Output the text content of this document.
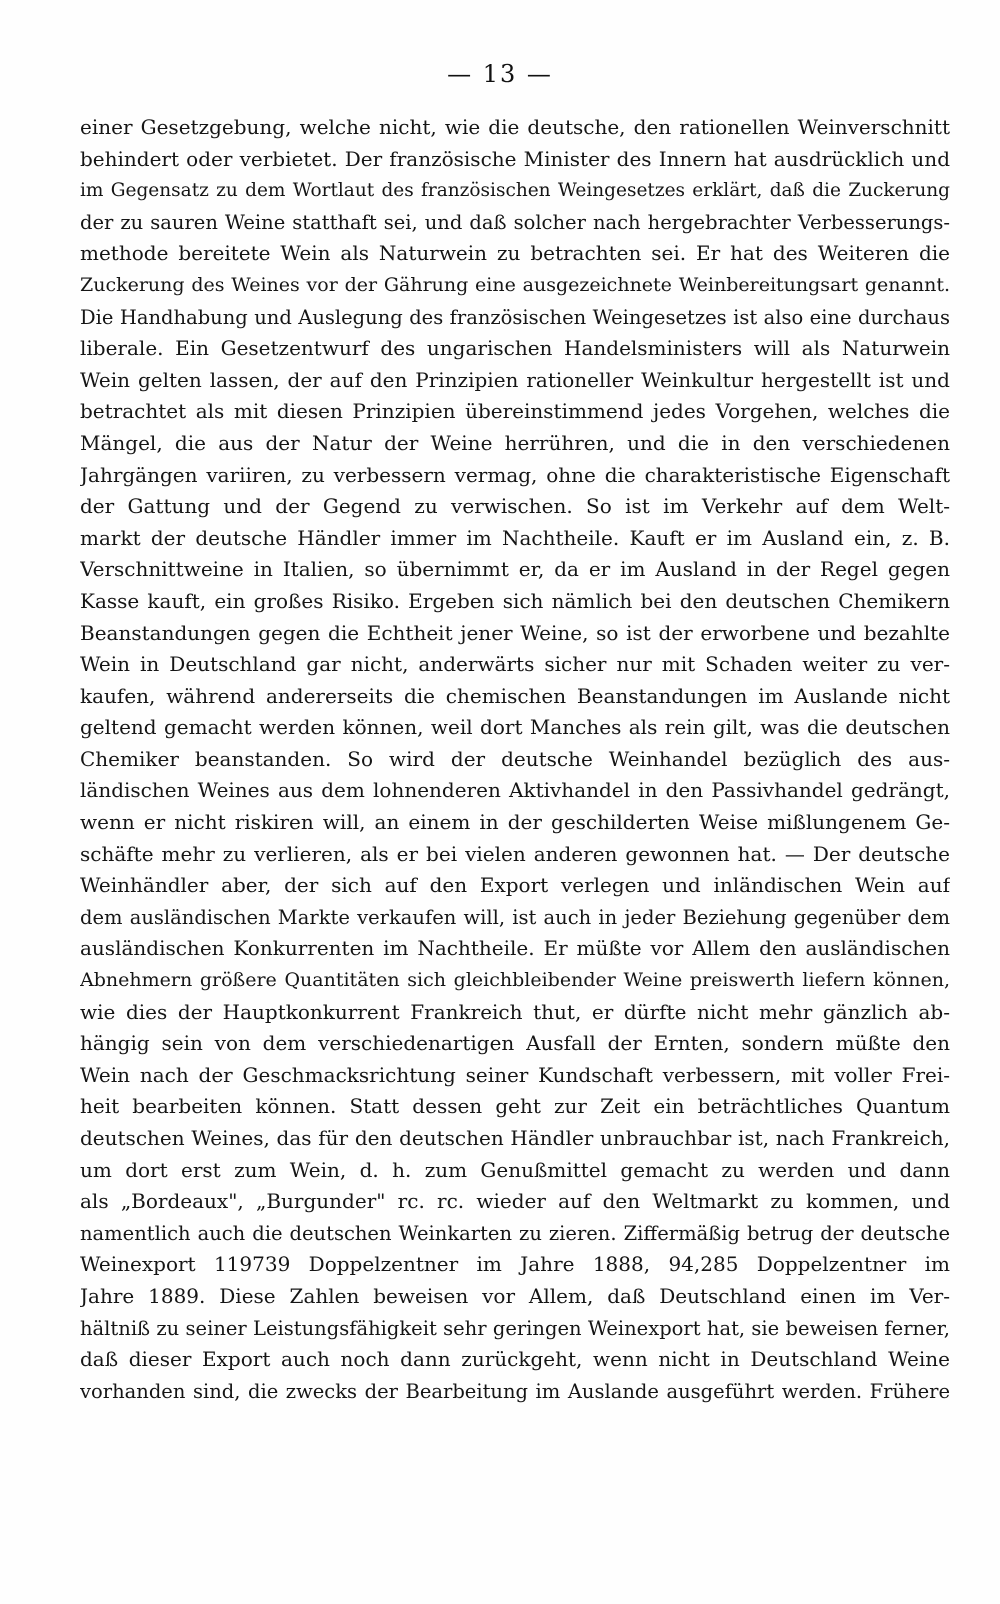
— 13 —
einer Gesetzgebung, welche nicht, wie die deutsche, den rationellen Weinverschnitt
behindert oder verbietet. Der französische Minister des Innern hat ausdrücklich und
im Gegensatz zu dem Wortlaut des französischen Weingesetzes erklärt, daß die Zuckerung
der zu sauren Weine statthaft sei, und daß solcher nach hergebrachter Verbesserungs-
methode bereitete Wein als Naturwein zu betrachten sei. Er hat des Weiteren die
Zuckerung des Weines vor der Gährung eine ausgezeichnete Weinbereitungsart genannt.
Die Handhabung und Auslegung des französischen Weingesetzes ist also eine durchaus
liberale. Ein Gesetzentwurf des ungarischen Handelsministers will als Naturwein
Wein gelten lassen, der auf den Prinzipien rationeller Weinkultur hergestellt ist und
betrachtet als mit diesen Prinzipien übereinstimmend jedes Vorgehen, welches die
Mängel, die aus der Natur der Weine herrühren, und die in den verschiedenen
Jahrgängen variiren, zu verbessern vermag, ohne die charakteristische Eigenschaft
der Gattung und der Gegend zu verwischen. So ist im Verkehr auf dem Welt-
markt der deutsche Händler immer im Nachtheile. Kauft er im Ausland ein, z. B.
Verschnittweine in Italien, so übernimmt er, da er im Ausland in der Regel gegen
Kasse kauft, ein großes Risiko. Ergeben sich nämlich bei den deutschen Chemikern
Beanstandungen gegen die Echtheit jener Weine, so ist der erworbene und bezahlte
Wein in Deutschland gar nicht, anderwärts sicher nur mit Schaden weiter zu ver-
kaufen, während andererseits die chemischen Beanstandungen im Auslande nicht
geltend gemacht werden können, weil dort Manches als rein gilt, was die deutschen
Chemiker beanstanden. So wird der deutsche Weinhandel bezüglich des aus-
ländischen Weines aus dem lohnenderen Aktivhandel in den Passivhandel gedrängt,
wenn er nicht riskiren will, an einem in der geschilderten Weise mißlungenem Ge-
schäfte mehr zu verlieren, als er bei vielen anderen gewonnen hat. — Der deutsche
Weinhändler aber, der sich auf den Export verlegen und inländischen Wein auf
dem ausländischen Markte verkaufen will, ist auch in jeder Beziehung gegenüber dem
ausländischen Konkurrenten im Nachtheile. Er müßte vor Allem den ausländischen
Abnehmern größere Quantitäten sich gleichbleibender Weine preiswerth liefern können,
wie dies der Hauptkonkurrent Frankreich thut, er dürfte nicht mehr gänzlich ab-
hängig sein von dem verschiedenartigen Ausfall der Ernten, sondern müßte den
Wein nach der Geschmacksrichtung seiner Kundschaft verbessern, mit voller Frei-
heit bearbeiten können. Statt dessen geht zur Zeit ein beträchtliches Quantum
deutschen Weines, das für den deutschen Händler unbrauchbar ist, nach Frankreich,
um dort erst zum Wein, d. h. zum Genußmittel gemacht zu werden und dann
als „Bordeaux", „Burgunder" rc. rc. wieder auf den Weltmarkt zu kommen, und
namentlich auch die deutschen Weinkarten zu zieren. Ziffermäßig betrug der deutsche
Weinexport 119739 Doppelzentner im Jahre 1888, 94,285 Doppelzentner im
Jahre 1889. Diese Zahlen beweisen vor Allem, daß Deutschland einen im Ver-
hältniß zu seiner Leistungsfähigkeit sehr geringen Weinexport hat, sie beweisen ferner,
daß dieser Export auch noch dann zurückgeht, wenn nicht in Deutschland Weine
vorhanden sind, die zwecks der Bearbeitung im Auslande ausgeführt werden. Frühere
